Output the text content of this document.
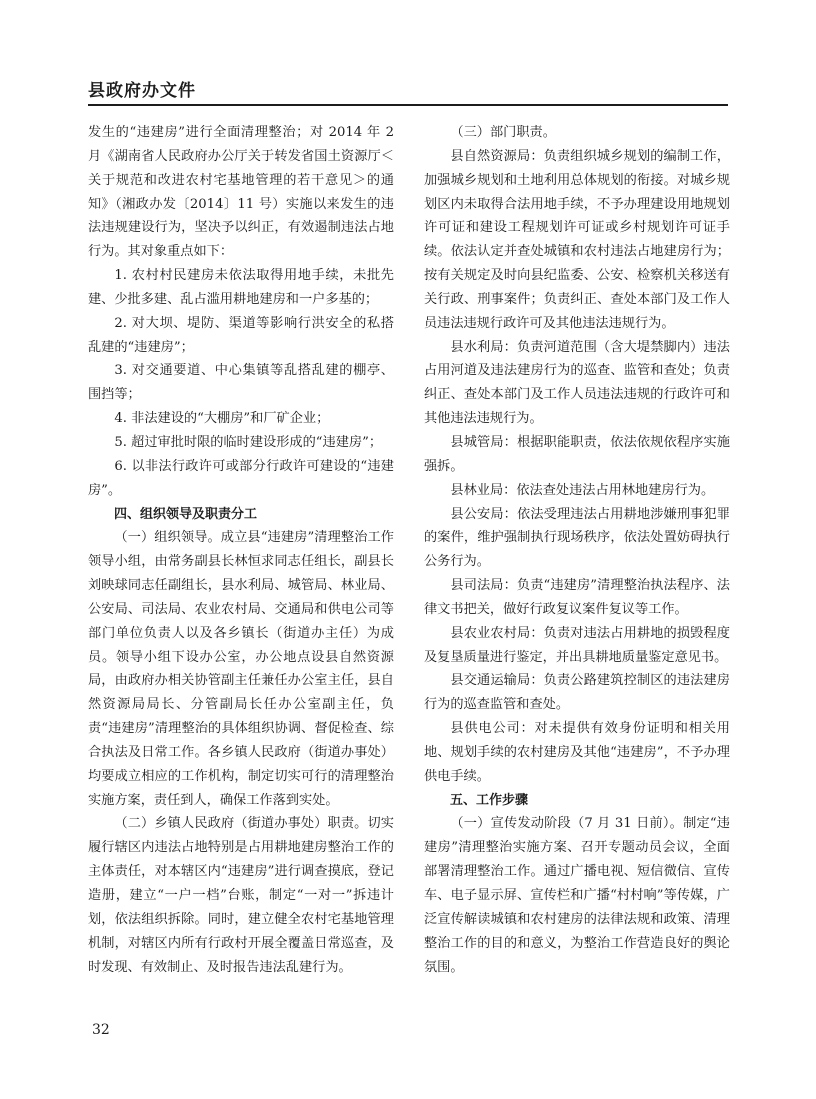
县政府办文件

发生的“违建房”进行全面清理整治；对 2014 年 2 月《湖南省人民政府办公厅关于转发省国土资源厅＜关于规范和改进农村宅基地管理的若干意见＞的通知》（湘政办发〔2014〕11 号）实施以来发生的违法违规建设行为，坚决予以纠正，有效遏制违法占地行为。其对象重点如下：

1. 农村村民建房未依法取得用地手续，未批先建、少批多建、乱占滥用耕地建房和一户多基的；

2. 对大坝、堤防、渠道等影响行洪安全的私搭乱建的“违建房”；

3. 对交通要道、中心集镇等乱搭乱建的棚亭、围挡等；

4. 非法建设的“大棚房”和厂矿企业；

5. 超过审批时限的临时建设形成的“违建房”；

6. 以非法行政许可或部分行政许可建设的“违建房”。

四、组织领导及职责分工

（一）组织领导。成立县“违建房”清理整治工作领导小组，由常务副县长林恒求同志任组长，副县长刘映球同志任副组长，县水利局、城管局、林业局、公安局、司法局、农业农村局、交通局和供电公司等部门单位负责人以及各乡镇长（街道办主任）为成员。领导小组下设办公室，办公地点设县自然资源局，由政府办相关协管副主任兼任办公室主任，县自然资源局局长、分管副局长任办公室副主任，负责“违建房”清理整治的具体组织协调、督促检查、综合执法及日常工作。各乡镇人民政府（街道办事处）均要成立相应的工作机构，制定切实可行的清理整治实施方案，责任到人，确保工作落到实处。

（二）乡镇人民政府（街道办事处）职责。切实履行辖区内违法占地特别是占用耕地建房整治工作的主体责任，对本辖区内“违建房”进行调查摸底，登记造册，建立“一户一档”台账，制定“一对一”拆违计划，依法组织拆除。同时，建立健全农村宅基地管理机制，对辖区内所有行政村开展全覆盖日常巡查，及时发现、有效制止、及时报告违法乱建行为。

（三）部门职责。

县自然资源局：负责组织城乡规划的编制工作，加强城乡规划和土地利用总体规划的衔接。对城乡规划区内未取得合法用地手续，不予办理建设用地规划许可证和建设工程规划许可证或乡村规划许可证手续。依法认定并查处城镇和农村违法占地建房行为；按有关规定及时向县纪监委、公安、检察机关移送有关行政、刑事案件；负责纠正、查处本部门及工作人员违法违规行政许可及其他违法违规行为。

县水利局：负责河道范围（含大堤禁脚内）违法占用河道及违法建房行为的巡查、监管和查处；负责纠正、查处本部门及工作人员违法违规的行政许可和其他违法违规行为。

县城管局：根据职能职责，依法依规依程序实施强拆。

县林业局：依法查处违法占用林地建房行为。

县公安局：依法受理违法占用耕地涉嫌刑事犯罪的案件，维护强制执行现场秩序，依法处置妨碍执行公务行为。

县司法局：负责“违建房”清理整治执法程序、法律文书把关，做好行政复议案件复议等工作。

县农业农村局：负责对违法占用耕地的损毁程度及复垦质量进行鉴定，并出具耕地质量鉴定意见书。

县交通运输局：负责公路建筑控制区的违法建房行为的巡查监管和查处。

县供电公司：对未提供有效身份证明和相关用地、规划手续的农村建房及其他“违建房”，不予办理供电手续。

五、工作步骤

（一）宣传发动阶段（7 月 31 日前）。制定“违建房”清理整治实施方案、召开专题动员会议，全面部署清理整治工作。通过广播电视、短信微信、宣传车、电子显示屏、宣传栏和广播“村村响”等传媒，广泛宣传解读城镇和农村建房的法律法规和政策、清理整治工作的目的和意义，为整治工作营造良好的舆论氛围。

32
